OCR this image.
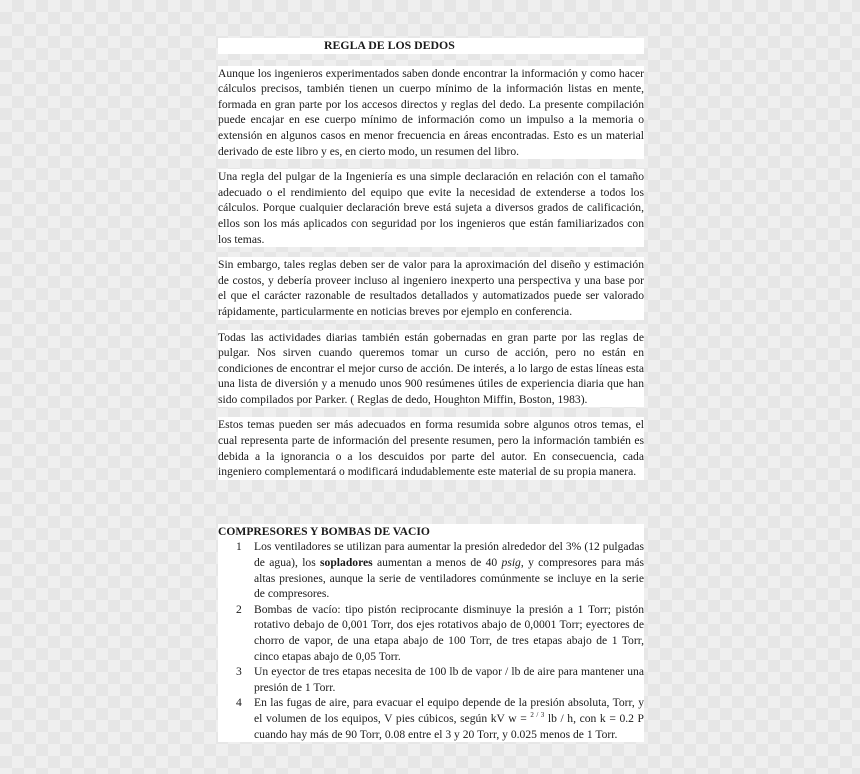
REGLA DE LOS DEDOS

Aunque los ingenieros experimentados saben donde encontrar la información y como hacer cálculos precisos, también tienen un cuerpo mínimo de la información listas en mente, formada en gran parte por los accesos directos y reglas del dedo. La presente compilación puede encajar en ese cuerpo mínimo de información como un impulso a la memoria o extensión en algunos casos en menor frecuencia en áreas encontradas. Esto es un material derivado de este libro y es, en cierto modo, un resumen del libro.

Una regla del pulgar de la Ingeniería es una simple declaración en relación con el tamaño adecuado o el rendimiento del equipo que evite la necesidad de extenderse a todos los cálculos. Porque cualquier declaración breve está sujeta a diversos grados de calificación, ellos son los más aplicados con seguridad por los ingenieros que están familiarizados con los temas.

Sin embargo, tales reglas deben ser de valor para la aproximación del diseño y estimación de costos, y debería proveer incluso al ingeniero inexperto una perspectiva y una base por el que el carácter razonable de resultados detallados y automatizados puede ser valorado rápidamente, particularmente en noticias breves por ejemplo en conferencia.

Todas las actividades diarias también están gobernadas en gran parte por las reglas de pulgar. Nos sirven cuando queremos tomar un curso de acción, pero no están en condiciones de encontrar el mejor curso de acción. De interés, a lo largo de estas líneas esta una lista de diversión y a menudo unos 900 resúmenes útiles de experiencia diaria que han sido compilados por Parker. ( Reglas de dedo, Houghton Miffin, Boston, 1983).

Estos temas pueden ser más adecuados en forma resumida sobre algunos otros temas, el cual representa parte de información del presente resumen, pero la información también es debida a la ignorancia o a los descuidos por parte del autor. En consecuencia, cada ingeniero complementará o modificará indudablemente este material de su propia manera.

COMPRESORES Y BOMBAS DE VACIO
1 Los ventiladores se utilizan para aumentar la presión alrededor del 3% (12 pulgadas de agua), los sopladores aumentan a menos de 40 psig, y compresores para más altas presiones, aunque la serie de ventiladores comúnmente se incluye en la serie de compresores.
2 Bombas de vacío: tipo pistón reciprocante disminuye la presión a 1 Torr; pistón rotativo debajo de 0,001 Torr, dos ejes rotativos abajo de 0,0001 Torr; eyectores de chorro de vapor, de una etapa abajo de 100 Torr, de tres etapas abajo de 1 Torr, cinco etapas abajo de 0,05 Torr.
3 Un eyector de tres etapas necesita de 100 lb de vapor / lb de aire para mantener una presión de 1 Torr.
4 En las fugas de aire, para evacuar el equipo depende de la presión absoluta, Torr, y el volumen de los equipos, V pies cúbicos, según kV w = $^{2 / 3}$ lb / h, con k = 0.2 P cuando hay más de 90 Torr, 0.08 entre el 3 y 20 Torr, y 0.025 menos de 1 Torr.
